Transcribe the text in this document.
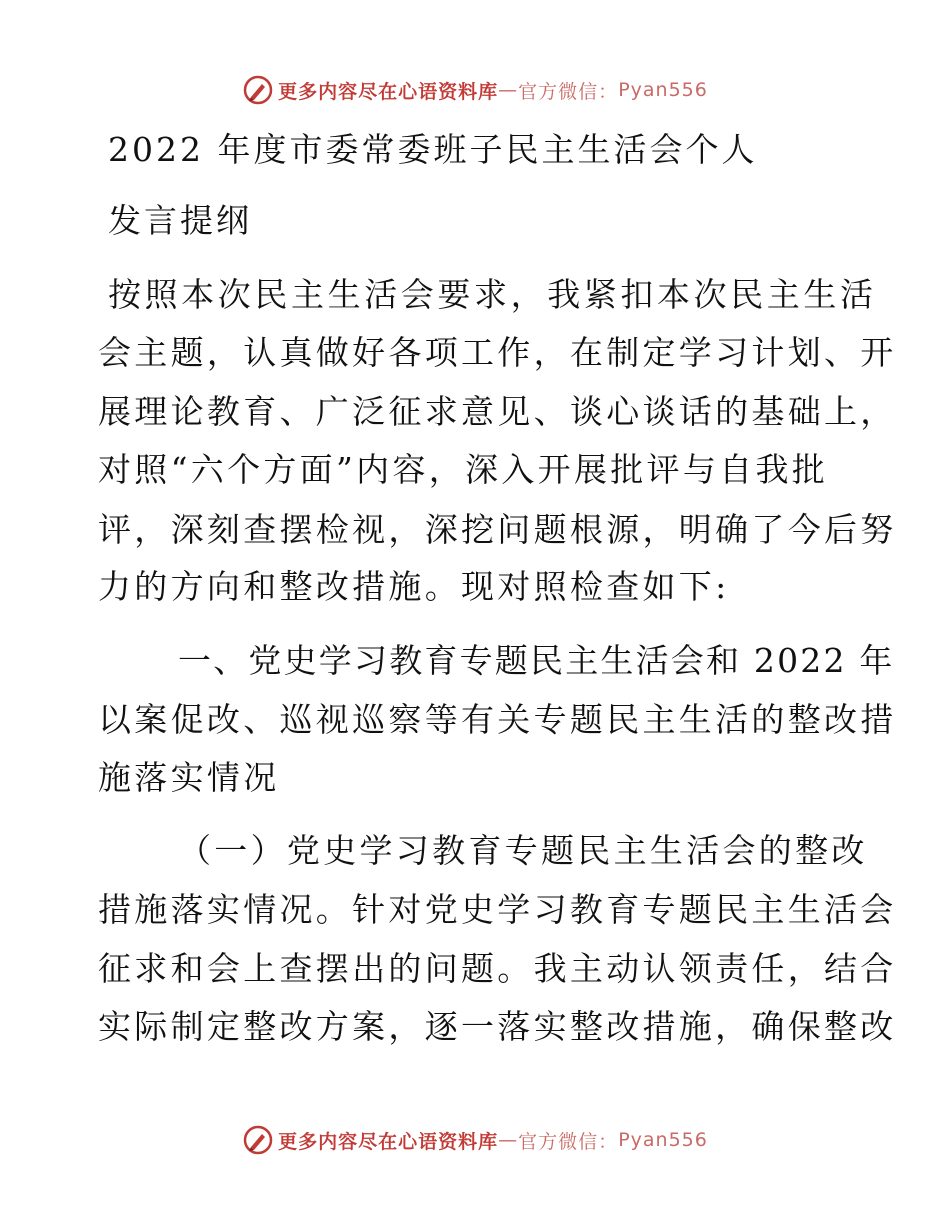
更多内容尽在心语资料库 — 官方微信： Pyan556

2022 年度市委常委班子民主生活会个人

发言提纲

按照本次民主生活会要求，我紧扣本次民主生活

会主题，认真做好各项工作，在制定学习计划、开

展理论教育、广泛征求意见、谈心谈话的基础上，

对照“六个方面”内容，深入开展批评与自我批

评，深刻查摆检视，深挖问题根源，明确了今后努

力的方向和整改措施。现对照检查如下:

一、党史学习教育专题民主生活会和 2022 年

以案促改、巡视巡察等有关专题民主生活的整改措

施落实情况

（一）党史学习教育专题民主生活会的整改

措施落实情况。针对党史学习教育专题民主生活会

征求和会上查摆出的问题。我主动认领责任，结合

实际制定整改方案，逐一落实整改措施，确保整改

更多内容尽在心语资料库 — 官方微信： Pyan556
